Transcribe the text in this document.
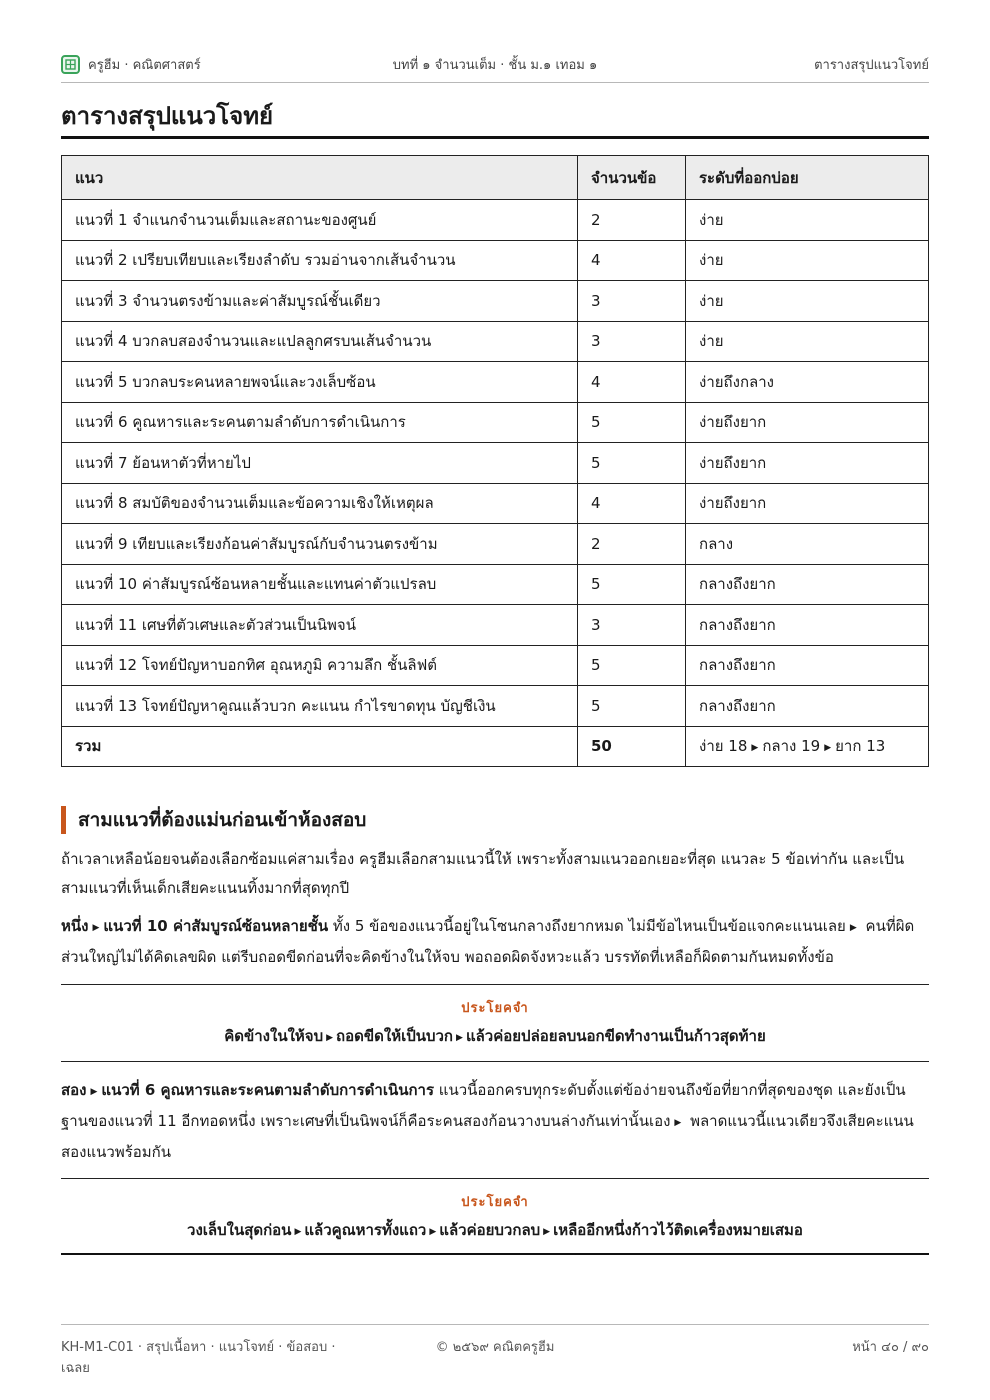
ครูฮีม · คณิตศาสตร์	บทที่ ๑ จำนวนเต็ม · ชั้น ม.๑ เทอม ๑	ตารางสรุปแนวโจทย์
ตารางสรุปแนวโจทย์
แนว	จำนวนข้อ	ระดับที่ออกบ่อย
แนวที่ 1 จำแนกจำนวนเต็มและสถานะของศูนย์	2	ง่าย
แนวที่ 2 เปรียบเทียบและเรียงลำดับ รวมอ่านจากเส้นจำนวน	4	ง่าย
แนวที่ 3 จำนวนตรงข้ามและค่าสัมบูรณ์ชั้นเดียว	3	ง่าย
แนวที่ 4 บวกลบสองจำนวนและแปลลูกศรบนเส้นจำนวน	3	ง่าย
แนวที่ 5 บวกลบระคนหลายพจน์และวงเล็บซ้อน	4	ง่ายถึงกลาง
แนวที่ 6 คูณหารและระคนตามลำดับการดำเนินการ	5	ง่ายถึงยาก
แนวที่ 7 ย้อนหาตัวที่หายไป	5	ง่ายถึงยาก
แนวที่ 8 สมบัติของจำนวนเต็มและข้อความเชิงให้เหตุผล	4	ง่ายถึงยาก
แนวที่ 9 เทียบและเรียงก้อนค่าสัมบูรณ์กับจำนวนตรงข้าม	2	กลาง
แนวที่ 10 ค่าสัมบูรณ์ซ้อนหลายชั้นและแทนค่าตัวแปรลบ	5	กลางถึงยาก
แนวที่ 11 เศษที่ตัวเศษและตัวส่วนเป็นนิพจน์	3	กลางถึงยาก
แนวที่ 12 โจทย์ปัญหาบอกทิศ อุณหภูมิ ความลึก ชั้นลิฟต์	5	กลางถึงยาก
แนวที่ 13 โจทย์ปัญหาคูณแล้วบวก คะแนน กำไรขาดทุน บัญชีเงิน	5	กลางถึงยาก
รวม	50	ง่าย 18 ▶ กลาง 19 ▶ ยาก 13
สามแนวที่ต้องแม่นก่อนเข้าห้องสอบ

ถ้าเวลาเหลือน้อยจนต้องเลือกซ้อมแค่สามเรื่อง ครูฮีมเลือกสามแนวนี้ให้ เพราะทั้งสามแนวออกเยอะที่สุด แนวละ 5 ข้อเท่ากัน และเป็นสามแนวที่เห็นเด็กเสียคะแนนทิ้งมากที่สุดทุกปี

หนึ่ง ▶ แนวที่ 10 ค่าสัมบูรณ์ซ้อนหลายชั้น ทั้ง 5 ข้อของแนวนี้อยู่ในโซนกลางถึงยากหมด ไม่มีข้อไหนเป็นข้อแจกคะแนนเลย ▶ คนที่ผิดส่วนใหญ่ไม่ได้คิดเลขผิด แต่รีบถอดขีดก่อนที่จะคิดข้างในให้จบ พอถอดผิดจังหวะแล้ว บรรทัดที่เหลือก็ผิดตามกันหมดทั้งข้อ

ประโยคจำ
คิดข้างในให้จบ ▶ ถอดขีดให้เป็นบวก ▶ แล้วค่อยปล่อยลบนอกขีดทำงานเป็นก้าวสุดท้าย

สอง ▶ แนวที่ 6 คูณหารและระคนตามลำดับการดำเนินการ แนวนี้ออกครบทุกระดับตั้งแต่ข้อง่ายจนถึงข้อที่ยากที่สุดของชุด และยังเป็นฐานของแนวที่ 11 อีกทอดหนึ่ง เพราะเศษที่เป็นนิพจน์ก็คือระคนสองก้อนวางบนล่างกันเท่านั้นเอง ▶ พลาดแนวนี้แนวเดียวจึงเสียคะแนนสองแนวพร้อมกัน

ประโยคจำ
วงเล็บในสุดก่อน ▶ แล้วคูณหารทั้งแถว ▶ แล้วค่อยบวกลบ ▶ เหลืออีกหนึ่งก้าวไว้ติดเครื่องหมายเสมอ
KH-M1-C01 · สรุปเนื้อหา · แนวโจทย์ · ข้อสอบ · เฉลย
© ๒๕๖๙ คณิตครูฮีม	หน้า ๔๐ / ๙๐
